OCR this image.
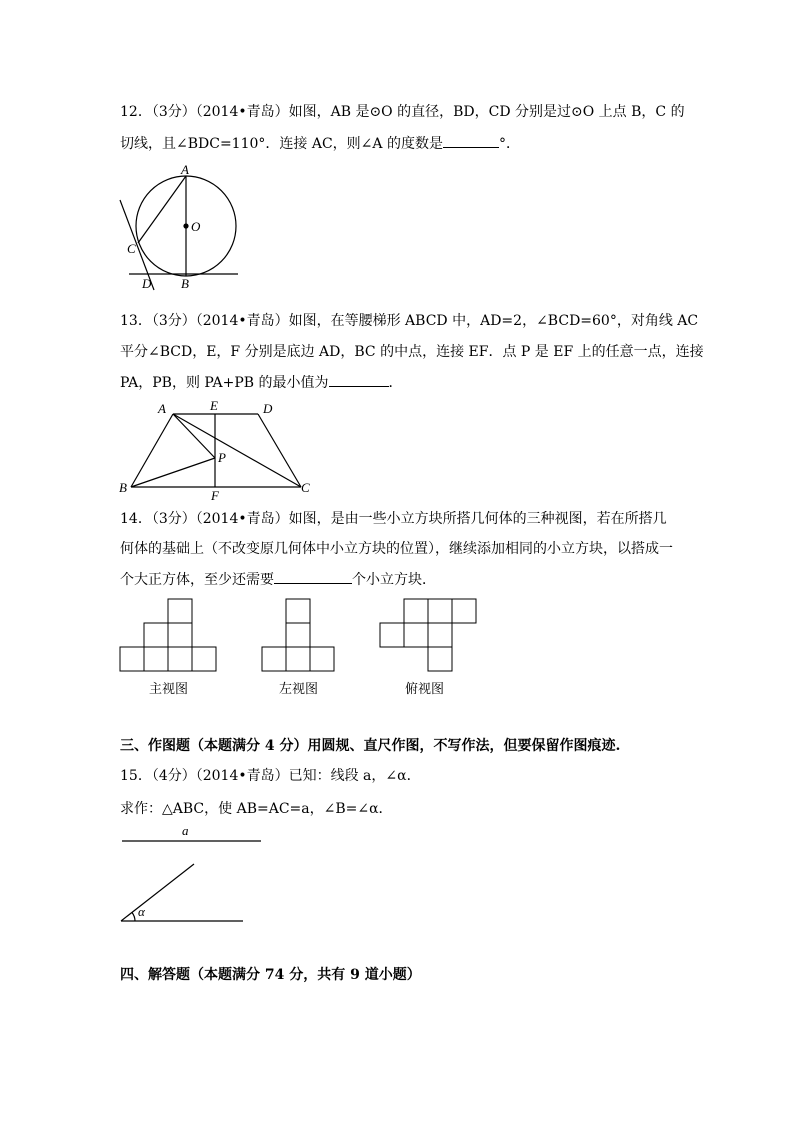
12．（3分）（2014•青岛）如图，AB 是⊙O 的直径，BD，CD 分别是过⊙O 上点 B，C 的
切线，且∠BDC=110°．连接 AC，则∠A 的度数是	°．
13．（3分）（2014•青岛）如图，在等腰梯形 ABCD 中，AD=2，∠BCD=60°，对角线 AC
平分∠BCD，E，F 分别是底边 AD，BC 的中点，连接 EF．点 P 是 EF 上的任意一点，连接
PA，PB，则 PA+PB 的最小值为	．
14．（3分）（2014•青岛）如图，是由一些小立方块所搭几何体的三种视图，若在所搭几
何体的基础上（不改变原几何体中小立方块的位置），继续添加相同的小立方块，以搭成一
个大正方体，至少还需要	个小立方块．
三、作图题（本题满分 4 分）用圆规、直尺作图，不写作法，但要保留作图痕迹.
15．（4分）（2014•青岛）已知：线段 a，∠α．
求作：△ABC，使 AB=AC=a，∠B=∠α．
四、解答题（本题满分 74 分，共有 9 道小题）
A
O
C
D B
A	E	D
P
B
F
C
主视图	左视图	俯视图
a
α
